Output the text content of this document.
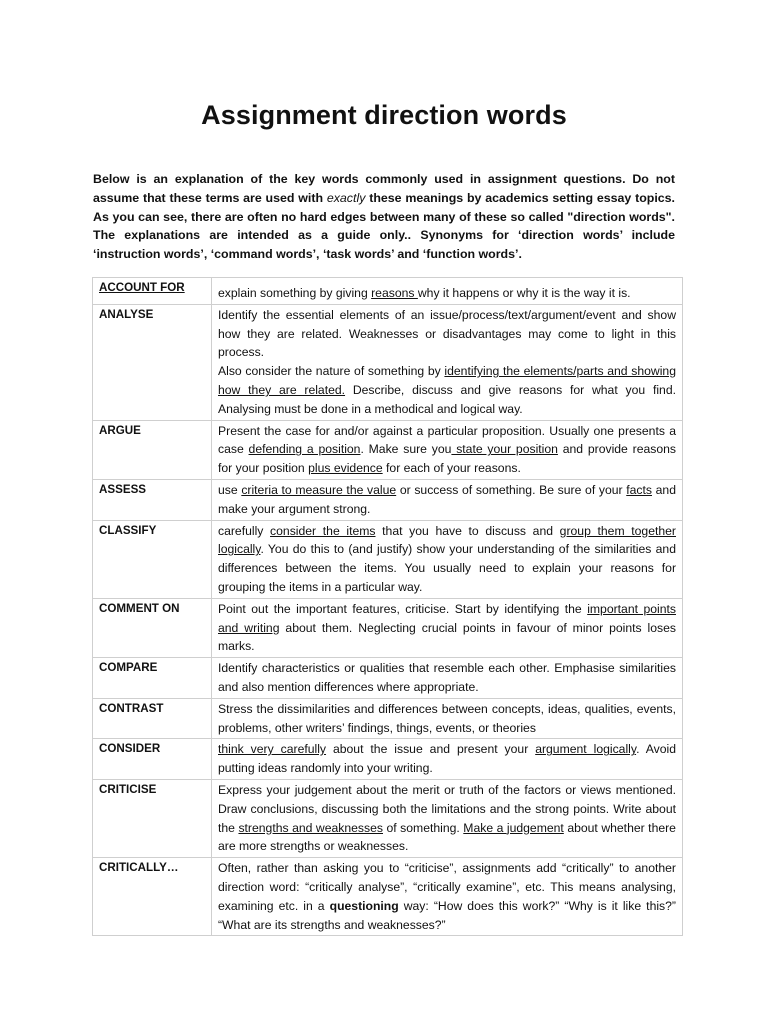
Assignment direction words
Below is an explanation of the key words commonly used in assignment questions. Do not assume that these terms are used with exactly these meanings by academics setting essay topics. As you can see, there are often no hard edges between many of these so called "direction words". The explanations are intended as a guide only.. Synonyms for ‘direction words’ include ‘instruction words’, ‘command words’, ‘task words’ and ‘function words’.
ACCOUNT FOR	explain something by giving reasons why it happens or why it is the way it is.
ANALYSE	Identify the essential elements of an issue/process/text/argument/event and show how they are related. Weaknesses or disadvantages may come to light in this process.
Also consider the nature of something by identifying the elements/parts and showing how they are related. Describe, discuss and give reasons for what you find. Analysing must be done in a methodical and logical way.
ARGUE	Present the case for and/or against a particular proposition. Usually one presents a case defending a position. Make sure you state your position and provide reasons for your position plus evidence for each of your reasons.
ASSESS	use criteria to measure the value or success of something. Be sure of your facts and make your argument strong.
CLASSIFY	carefully consider the items that you have to discuss and group them together logically. You do this to (and justify) show your understanding of the similarities and differences between the items. You usually need to explain your reasons for grouping the items in a particular way.
COMMENT ON	Point out the important features, criticise. Start by identifying the important points and writing about them. Neglecting crucial points in favour of minor points loses marks.
COMPARE	Identify characteristics or qualities that resemble each other. Emphasise similarities and also mention differences where appropriate.
CONTRAST	Stress the dissimilarities and differences between concepts, ideas, qualities, events, problems, other writers’ findings, things, events, or theories
CONSIDER	think very carefully about the issue and present your argument logically. Avoid putting ideas randomly into your writing.
CRITICISE	Express your judgement about the merit or truth of the factors or views mentioned. Draw conclusions, discussing both the limitations and the strong points. Write about the strengths and weaknesses of something. Make a judgement about whether there are more strengths or weaknesses.
CRITICALLY…	Often, rather than asking you to “criticise”, assignments add “critically” to another direction word: “critically analyse”, “critically examine”, etc. This means analysing, examining etc. in a questioning way: “How does this work?” “Why is it like this?” “What are its strengths and weaknesses?”
